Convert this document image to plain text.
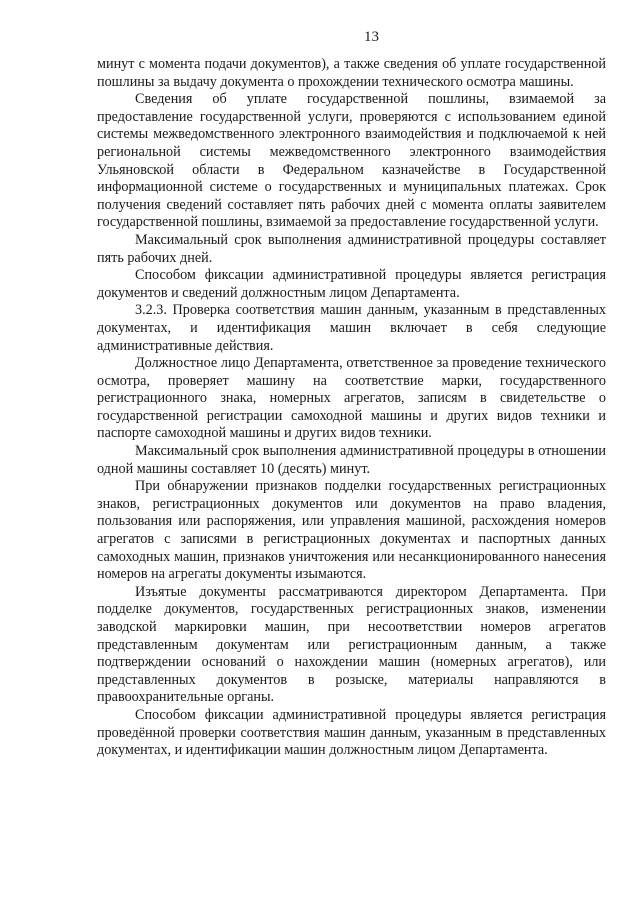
13

минут с момента подачи документов), а также сведения об уплате государственной пошлины за выдачу документа о прохождении технического осмотра машины.

Сведения об уплате государственной пошлины, взимаемой за предоставление государственной услуги, проверяются с использованием единой системы межведомственного электронного взаимодействия и подключаемой к ней региональной системы межведомственного электронного взаимодействия Ульяновской области в Федеральном казначействе в Государственной информационной системе о государственных и муниципальных платежах. Срок получения сведений составляет пять рабочих дней с момента оплаты заявителем государственной пошлины, взимаемой за предоставление государственной услуги.

Максимальный срок выполнения административной процедуры составляет пять рабочих дней.

Способом фиксации административной процедуры является регистрация документов и сведений должностным лицом Департамента.

3.2.3. Проверка соответствия машин данным, указанным в представленных документах, и идентификация машин включает в себя следующие административные действия.

Должностное лицо Департамента, ответственное за проведение технического осмотра, проверяет машину на соответствие марки, государственного регистрационного знака, номерных агрегатов, записям в свидетельстве о государственной регистрации самоходной машины и других видов техники и паспорте самоходной машины и других видов техники.

Максимальный срок выполнения административной процедуры в отношении одной машины составляет 10 (десять) минут.

При обнаружении признаков подделки государственных регистрационных знаков, регистрационных документов или документов на право владения, пользования или распоряжения, или управления машиной, расхождения номеров агрегатов с записями в регистрационных документах и паспортных данных самоходных машин, признаков уничтожения или несанкционированного нанесения номеров на агрегаты документы изымаются.

Изъятые документы рассматриваются директором Департамента. При подделке документов, государственных регистрационных знаков, изменении заводской маркировки машин, при несоответствии номеров агрегатов представленным документам или регистрационным данным, а также подтверждении оснований о нахождении машин (номерных агрегатов), или представленных документов в розыске, материалы направляются в правоохранительные органы.

Способом фиксации административной процедуры является регистрация проведённой проверки соответствия машин данным, указанным в представленных документах, и идентификации машин должностным лицом Департамента.
